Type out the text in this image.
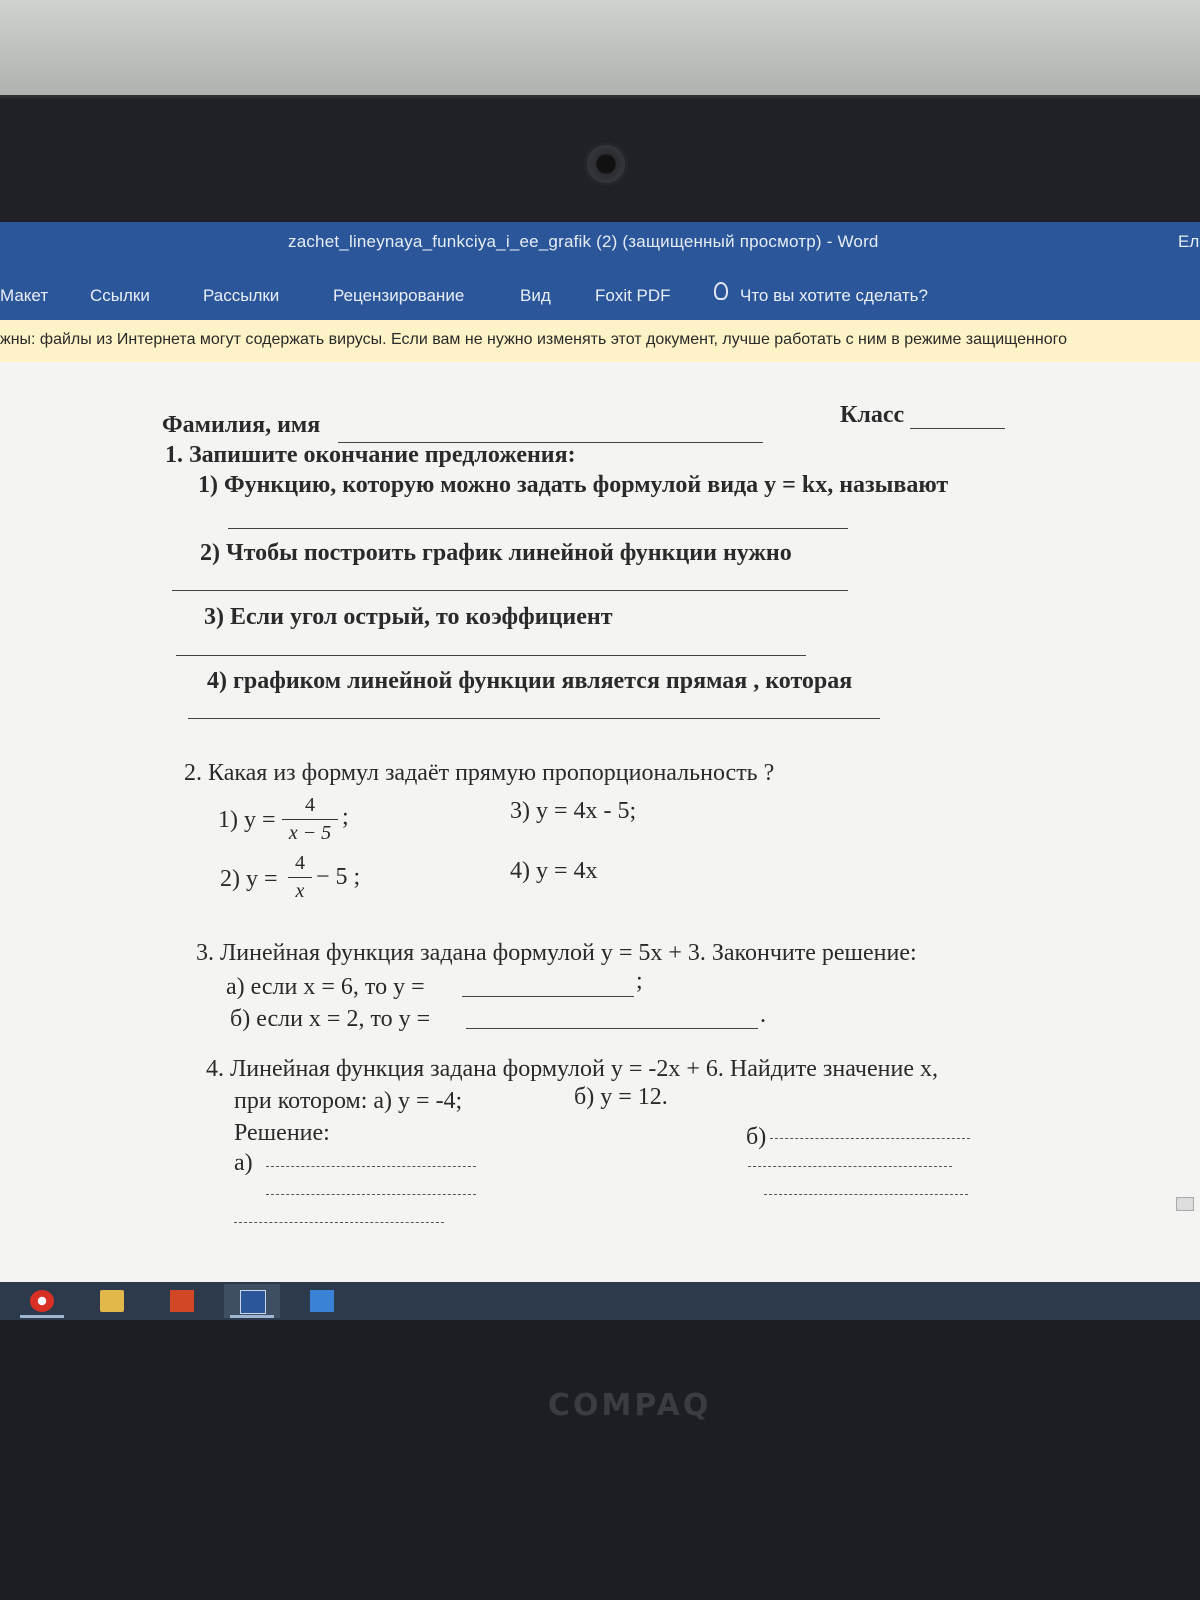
zachet_lineynaya_funkciya_i_ee_grafik (2) (защищенный просмотр) - Word	Ел
Макет Ссылки	Рассылки	Рецензирование	Вид	Foxit PDF	Что вы хотите сделать?
жны: файлы из Интернета могут содержать вирусы. Если вам не нужно изменять этот документ, лучше работать с ним в режиме защищенного
Фамилия, имя	Класс
1. Запишите окончание предложения:
1) Функцию, которую можно задать формулой вида y = kx, называют
2) Чтобы построить график линейной функции нужно
3) Если угол острый, то коэффициент
4) графиком линейной функции является прямая , которая
2. Какая из формул задаёт прямую пропорциональность ?
1) y =
4
x − 5
;	3) y = 4x - 5;
2) y =
4
x
− 5 ;	4) y = 4x
3. Линейная функция задана формулой y = 5x + 3. Закончите решение:
а) если x = 6, то y =	;
б) если x = 2, то y =	.
4. Линейная функция задана формулой y = -2x + 6. Найдите значение x,
при котором: а) y = -4;	б) y = 12.
Решение:
а)
б)
COMPAQ
